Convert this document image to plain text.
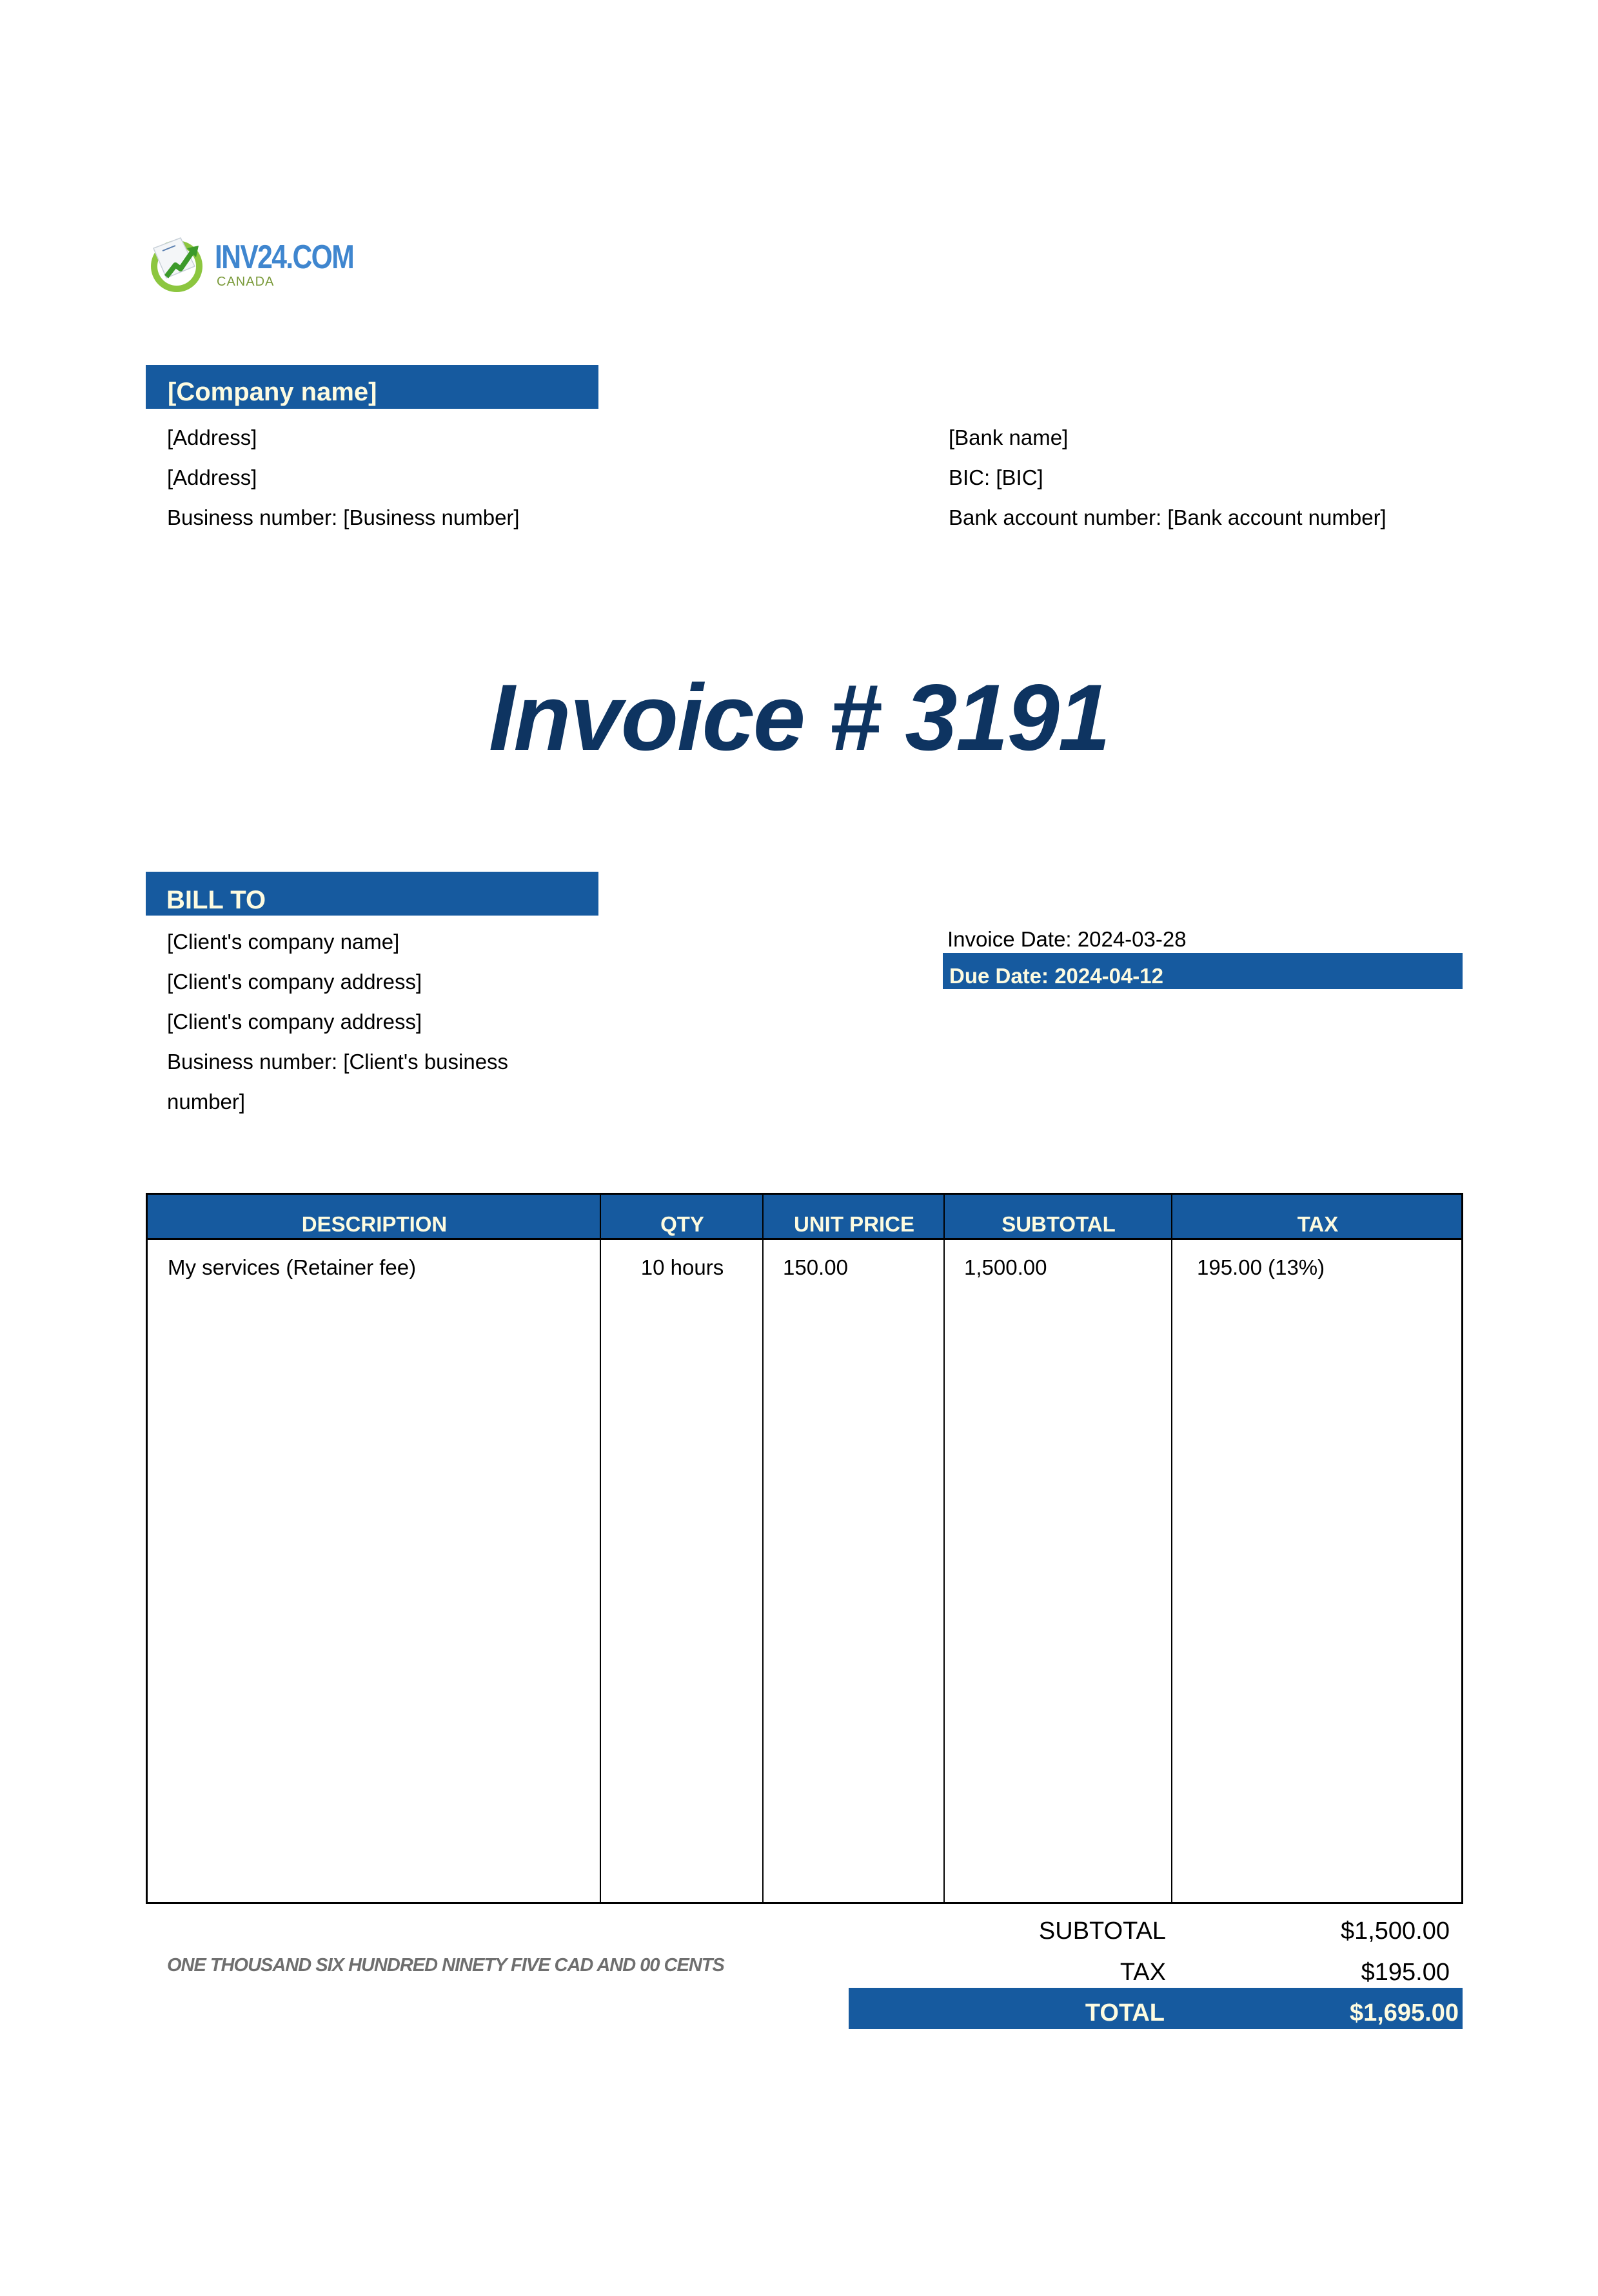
INV24.COM
CANADA
[Company name]
[Address]
[Address]
Business number: [Business number]
[Bank name]
BIC: [BIC]
Bank account number: [Bank account number]
Invoice # 3191
BILL TO
[Client's company name]
[Client's company address]
[Client's company address]
Business number: [Client's business
number]
Invoice Date: 2024-03-28
Due Date: 2024-04-12
DESCRIPTION	QTY	UNIT PRICE	SUBTOTAL	TAX
My services (Retainer fee)	10 hours	150.00	1,500.00	195.00 (13%)
ONE THOUSAND SIX HUNDRED NINETY FIVE CAD AND 00 CENTS
SUBTOTAL	$1,500.00
TAX	$195.00
TOTAL	$1,695.00
